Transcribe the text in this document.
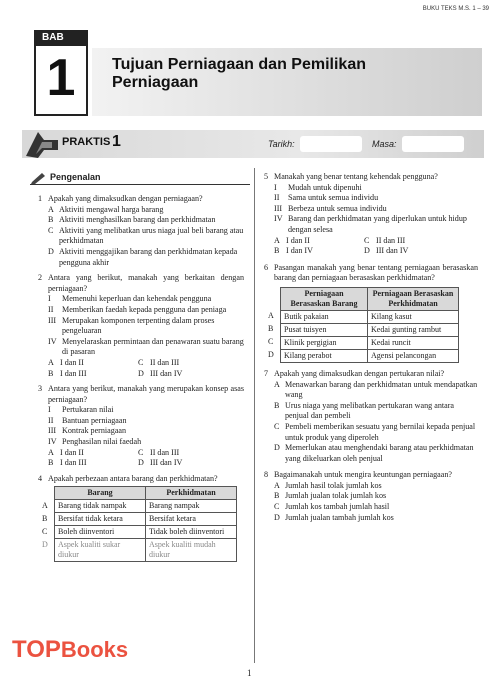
BUKU TEKS M.S. 1 – 39
BAB
1	Tujuan Perniagaan dan Pemilikan
Perniagaan
PRAKTIS 1	Tarikh:	Masa:
Pengenalan
1 Apakah yang dimaksudkan dengan perniagaan?
A Aktiviti mengawal harga barang
B Aktiviti menghasilkan barang dan perkhidmatan
C Aktiviti yang melibatkan urus niaga jual beli barang atau perkhidmatan
D Aktiviti menggajikan barang dan perkhidmatan kepada pengguna akhir
2 Antara yang berikut, manakah yang berkaitan dengan perniagaan?
I	Memenuhi keperluan dan kehendak pengguna
II	Memberikan faedah kepada pengguna dan peniaga
III Merupakan komponen terpenting dalam proses pengeluaran
IV Menyelaraskan permintaan dan penawaran suatu barang di pasaran
A I dan II	C II dan III
B I dan III	D III dan IV
3 Antara yang berikut, manakah yang merupakan konsep asas perniagaan?
I	Pertukaran nilai
II	Bantuan perniagaan
III Kontrak perniagaan
IV Penghasilan nilai faedah
A I dan II	C II dan III
B I dan III	D III dan IV
4 Apakah perbezaan antara barang dan perkhidmatan?
	Barang	Perkhidmatan
A	Barang tidak nampak	Barang nampak
B	Bersifat tidak ketara	Bersifat ketara
C	Boleh diinventori	Tidak boleh diinventori
D	Aspek kualiti sukar diukur	Aspek kualiti mudah diukur
5 Manakah yang benar tentang kehendak pengguna?
I	Mudah untuk dipenuhi
II	Sama untuk semua individu
III Berbeza untuk semua individu
IV Barang dan perkhidmatan yang diperlukan untuk hidup dengan selesa
A I dan II	C II dan III
B I dan IV	D III dan IV
6 Pasangan manakah yang benar tentang perniagaan berasaskan barang dan perniagaan berasaskan perkhidmatan?
	Perniagaan Berasaskan Barang	Perniagaan Berasaskan Perkhidmatan
A	Butik pakaian	Kilang kasut
B	Pusat tuisyen	Kedai gunting rambut
C	Klinik pergigian	Kedai runcit
D	Kilang perabot	Agensi pelancongan
7 Apakah yang dimaksudkan dengan pertukaran nilai?
A Menawarkan barang dan perkhidmatan untuk mendapatkan wang
B Urus niaga yang melibatkan pertukaran wang antara penjual dan pembeli
C Pembeli memberikan sesuatu yang bernilai kepada penjual untuk produk yang diperoleh
D Memerlukan atau menghendaki barang atau perkhidmatan yang dikeluarkan oleh penjual
8 Bagaimanakah untuk mengira keuntungan perniagaan?
A Jumlah hasil tolak jumlah kos
B Jumlah jualan tolak jumlah kos
C Jumlah kos tambah jumlah hasil
D Jumlah jualan tambah jumlah kos
1
TOPBooks
